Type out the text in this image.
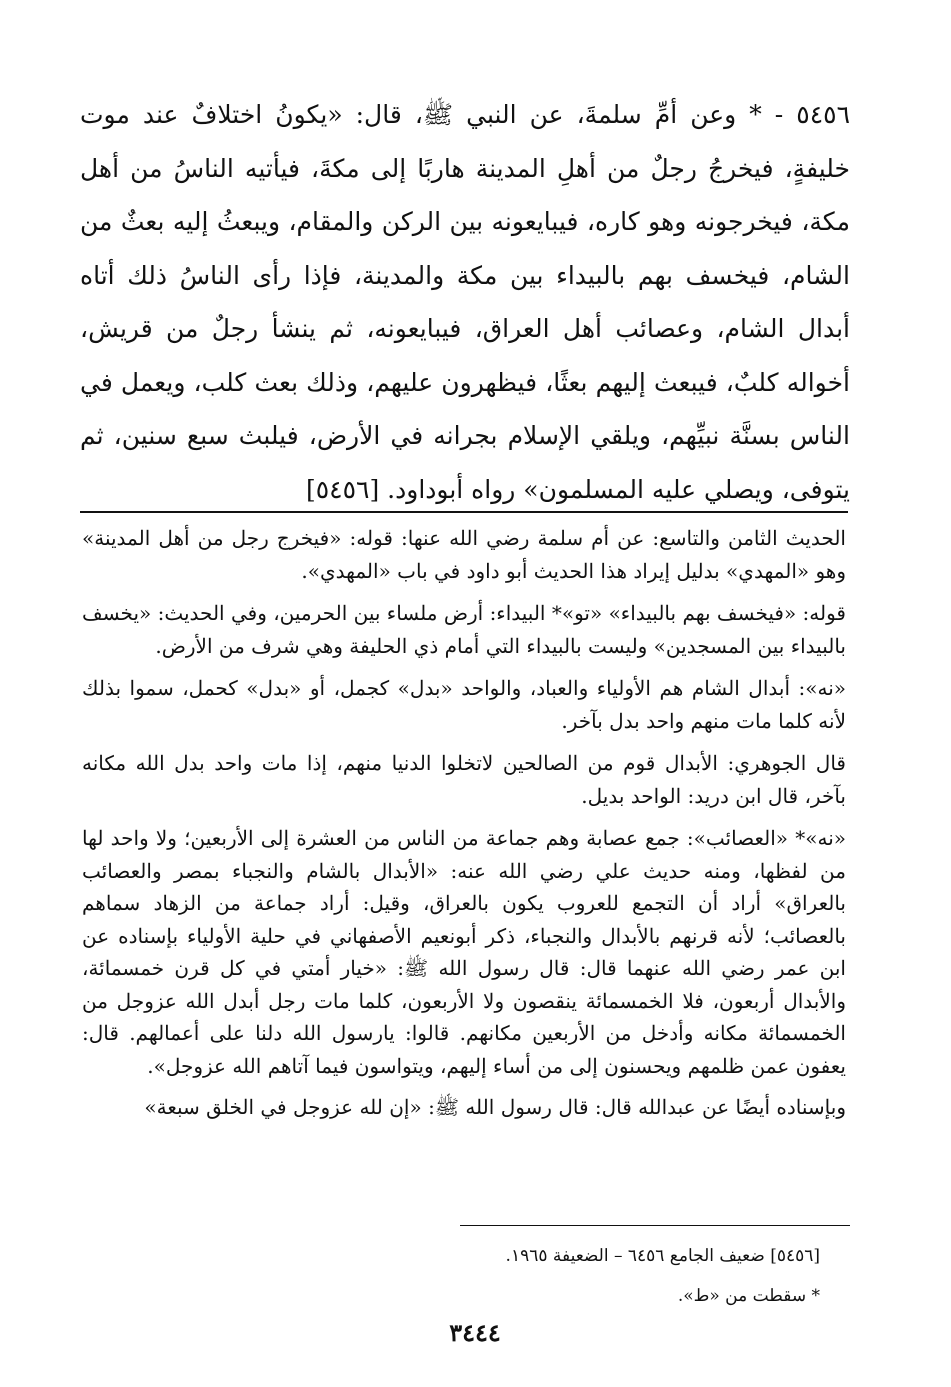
٥٤٥٦ - * وعن أمِّ سلمةَ، عن النبي ﷺ، قال: «يكونُ اختلافٌ عند موت خليفةٍ، فيخرجُ رجلٌ من أهلِ المدينة هاربًا إلى مكةَ، فيأتيه الناسُ من أهل مكة، فيخرجونه وهو كاره، فيبايعونه بين الركن والمقام، ويبعثُ إليه بعثٌ من الشام، فيخسف بهم بالبيداء بين مكة والمدينة، فإذا رأى الناسُ ذلك أتاه أبدال الشام، وعصائب أهل العراق، فيبايعونه، ثم ينشأ رجلٌ من قريش، أخواله كلبٌ، فيبعث إليهم بعثًا، فيظهرون عليهم، وذلك بعث كلب، ويعمل في الناس بسنَّة نبيِّهم، ويلقي الإسلام بجرانه في الأرض، فيلبث سبع سنين، ثم يتوفى، ويصلي عليه المسلمون» رواه أبوداود. [٥٤٥٦]

الحديث الثامن والتاسع: عن أم سلمة رضي الله عنها: قوله: «فيخرج رجل من أهل المدينة» وهو «المهدي» بدليل إيراد هذا الحديث أبو داود في باب «المهدي».

قوله: «فيخسف بهم بالبيداء» «تو»* البيداء: أرض ملساء بين الحرمين، وفي الحديث: «يخسف بالبيداء بين المسجدين» وليست بالبيداء التي أمام ذي الحليفة وهي شرف من الأرض.

«نه»: أبدال الشام هم الأولياء والعباد، والواحد «بدل» كجمل، أو «بدل» كحمل، سموا بذلك لأنه كلما مات منهم واحد بدل بآخر.

قال الجوهري: الأبدال قوم من الصالحين لاتخلوا الدنيا منهم، إذا مات واحد بدل الله مكانه بآخر، قال ابن دريد: الواحد بديل.

«نه»* «العصائب»: جمع عصابة وهم جماعة من الناس من العشرة إلى الأربعين؛ ولا واحد لها من لفظها، ومنه حديث علي رضي الله عنه: «الأبدال بالشام والنجباء بمصر والعصائب بالعراق» أراد أن التجمع للعروب يكون بالعراق، وقيل: أراد جماعة من الزهاد سماهم بالعصائب؛ لأنه قرنهم بالأبدال والنجباء، ذكر أبونعيم الأصفهاني في حلية الأولياء بإسناده عن ابن عمر رضي الله عنهما قال: قال رسول الله ﷺ: «خيار أمتي في كل قرن خمسمائة، والأبدال أربعون، فلا الخمسمائة ينقصون ولا الأربعون، كلما مات رجل أبدل الله عزوجل من الخمسمائة مكانه وأدخل من الأربعين مكانهم. قالوا: يارسول الله دلنا على أعمالهم. قال: يعفون عمن ظلمهم ويحسنون إلى من أساء إليهم، ويتواسون فيما آتاهم الله عزوجل».

وبإسناده أيضًا عن عبدالله قال: قال رسول الله ﷺ: «إن لله عزوجل في الخلق سبعة»

[٥٤٥٦] ضعيف الجامع ٦٤٥٦ – الضعيفة ١٩٦٥.
* سقطت من «ط».
٣٤٤٤
